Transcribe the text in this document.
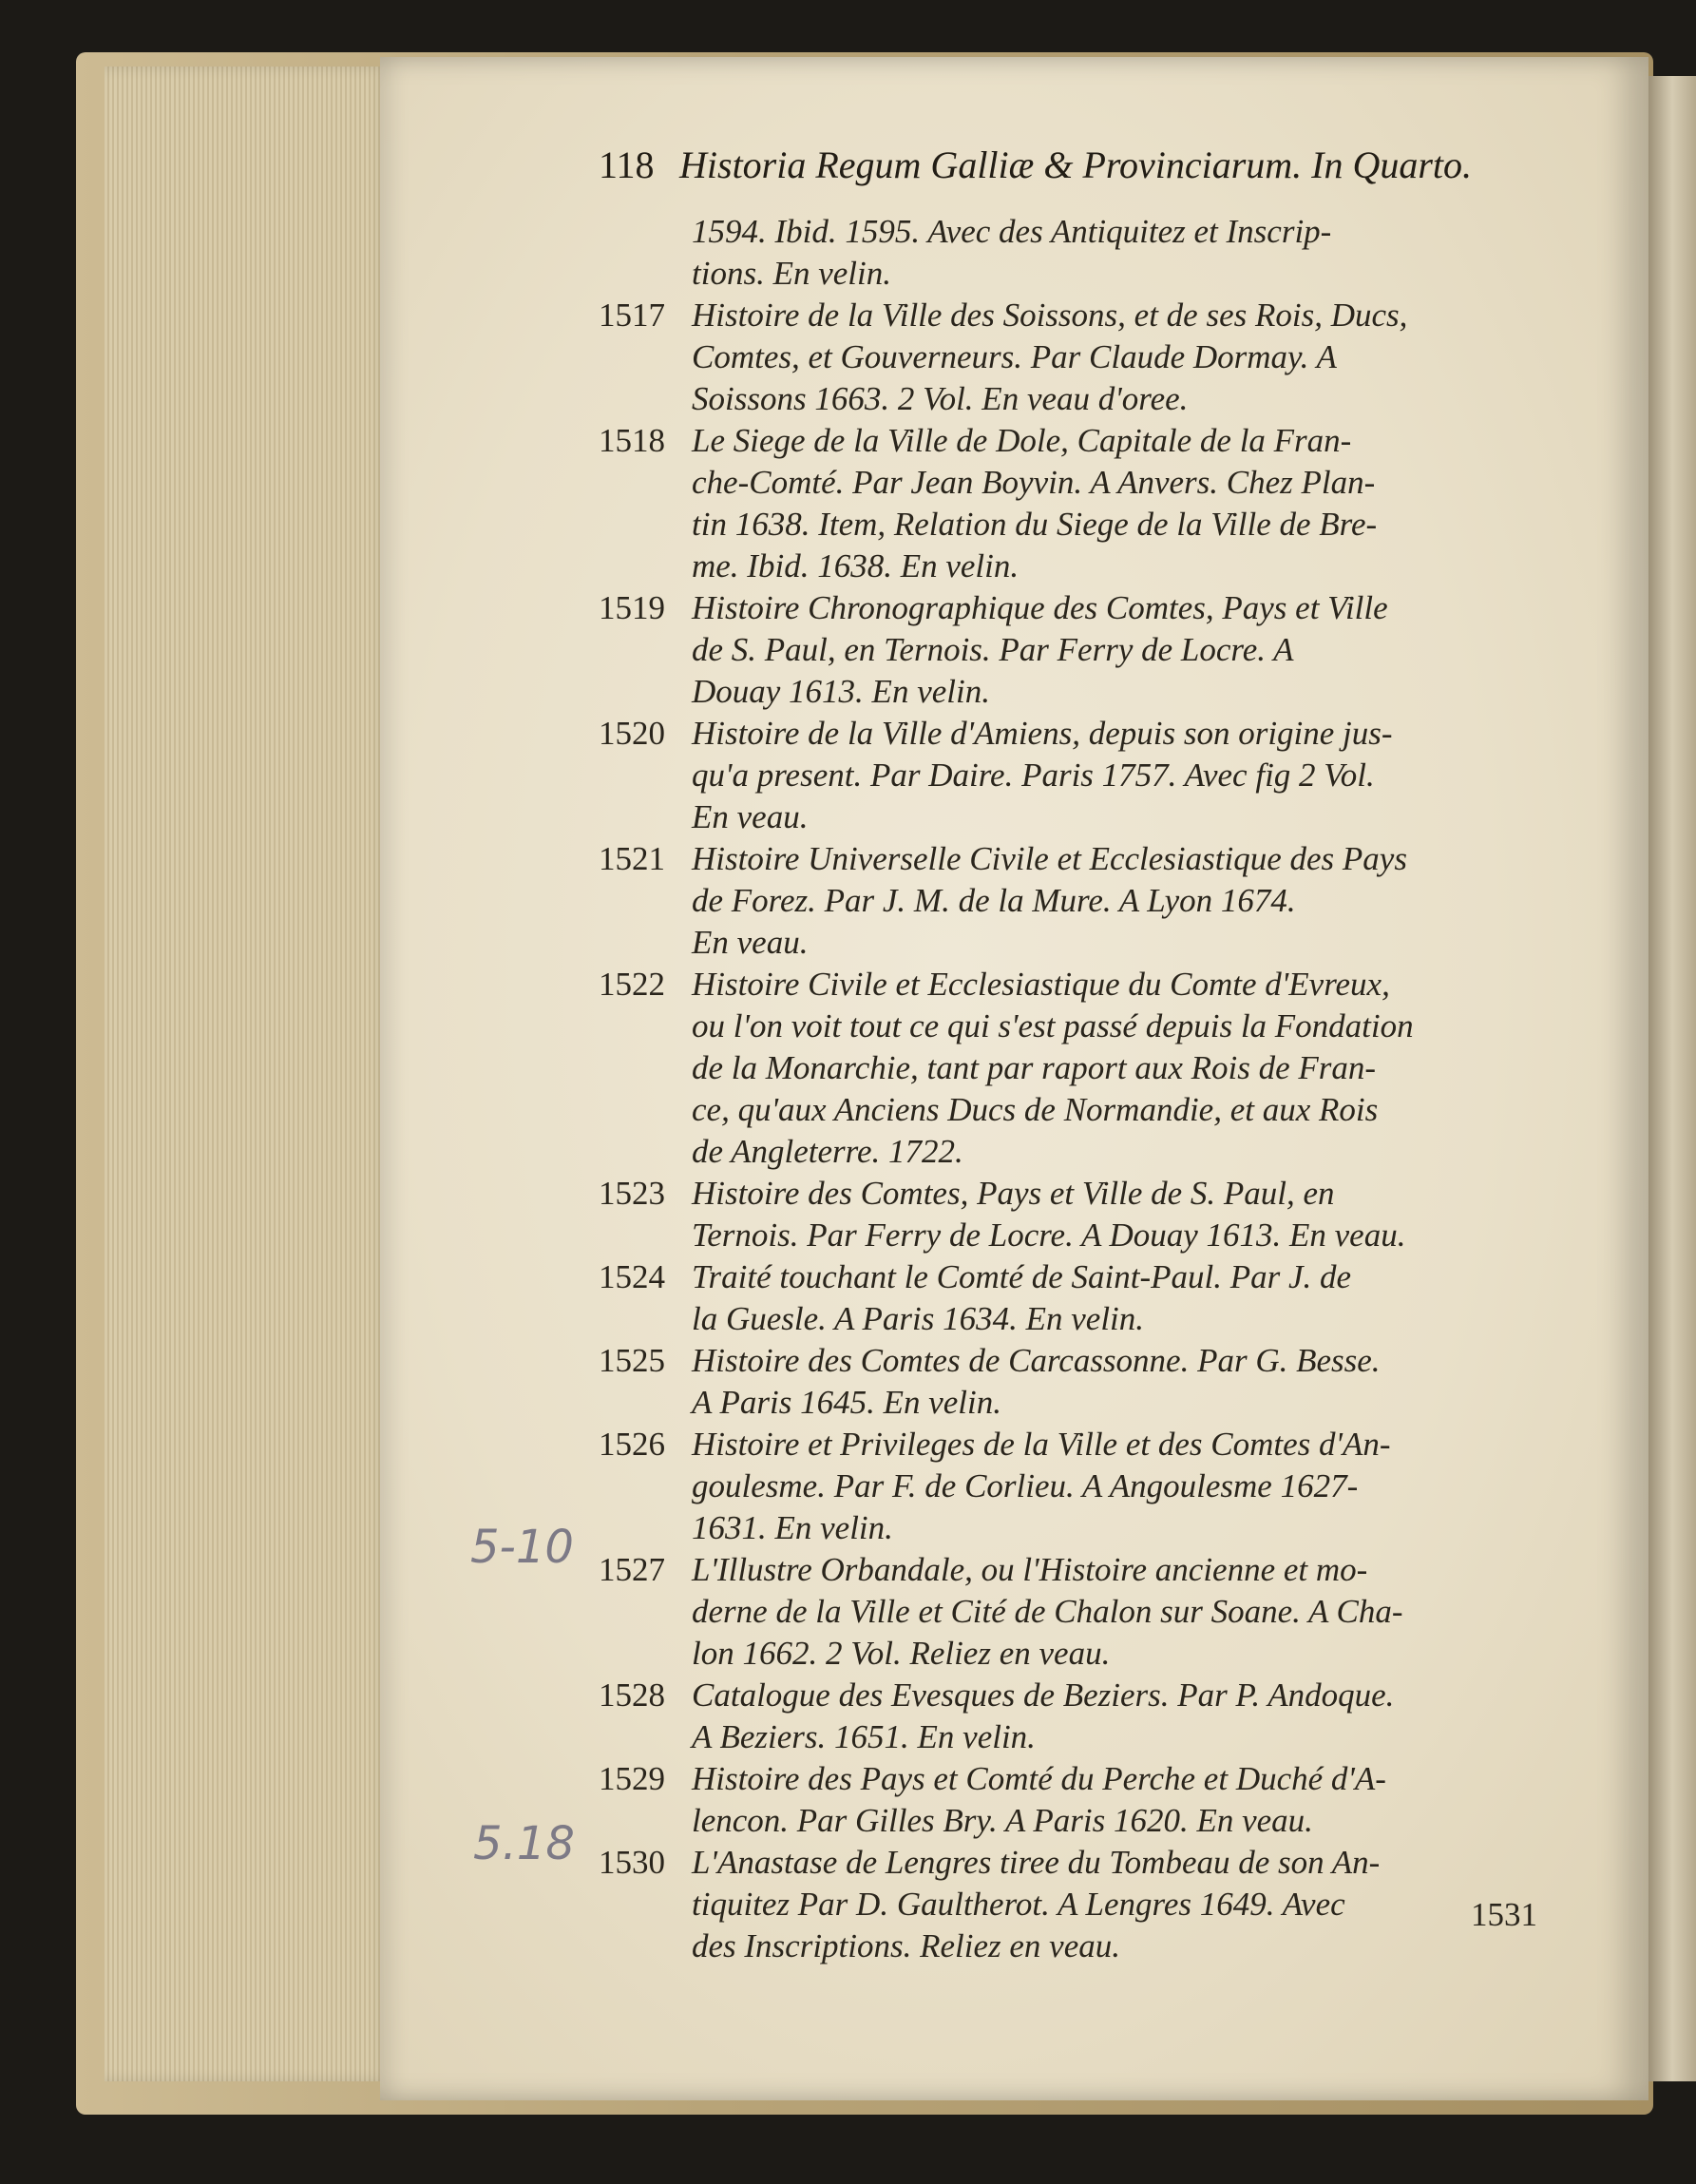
118 Historia Regum Galliæ & Provinciarum. In Quarto.
1594. Ibid. 1595. Avec des Antiquitez et Inscrip-
tions. En velin.
1517 Histoire de la Ville des Soissons, et de ses Rois, Ducs,
Comtes, et Gouverneurs. Par Claude Dormay. A
Soissons 1663. 2 Vol. En veau d'oree.
1518 Le Siege de la Ville de Dole, Capitale de la Fran-
che-Comté. Par Jean Boyvin. A Anvers. Chez Plan-
tin 1638. Item, Relation du Siege de la Ville de Bre-
me. Ibid. 1638. En velin.
1519 Histoire Chronographique des Comtes, Pays et Ville
de S. Paul, en Ternois. Par Ferry de Locre. A
Douay 1613. En velin.
1520 Histoire de la Ville d'Amiens, depuis son origine jus-
qu'a present. Par Daire. Paris 1757. Avec fig 2 Vol.
En veau.
1521 Histoire Universelle Civile et Ecclesiastique des Pays
de Forez. Par J. M. de la Mure. A Lyon 1674.
En veau.
1522 Histoire Civile et Ecclesiastique du Comte d'Evreux,
ou l'on voit tout ce qui s'est passé depuis la Fondation
de la Monarchie, tant par raport aux Rois de Fran-
ce, qu'aux Anciens Ducs de Normandie, et aux Rois
de Angleterre. 1722.
1523 Histoire des Comtes, Pays et Ville de S. Paul, en
Ternois. Par Ferry de Locre. A Douay 1613. En veau.
1524 Traité touchant le Comté de Saint-Paul. Par J. de
la Guesle. A Paris 1634. En velin.
1525 Histoire des Comtes de Carcassonne. Par G. Besse.
A Paris 1645. En velin.
1526 Histoire et Privileges de la Ville et des Comtes d'An-
goulesme. Par F. de Corlieu. A Angoulesme 1627-
1631. En velin.
1527 L'Illustre Orbandale, ou l'Histoire ancienne et mo-
derne de la Ville et Cité de Chalon sur Soane. A Cha-
lon 1662. 2 Vol. Reliez en veau.
1528 Catalogue des Evesques de Beziers. Par P. Andoque.
A Beziers. 1651. En velin.
1529 Histoire des Pays et Comté du Perche et Duché d'A-
lencon. Par Gilles Bry. A Paris 1620. En veau.
1530 L'Anastase de Lengres tiree du Tombeau de son An-
tiquitez Par D. Gaultherot. A Lengres 1649. Avec
des Inscriptions. Reliez en veau.
1531
5-10
5.18
